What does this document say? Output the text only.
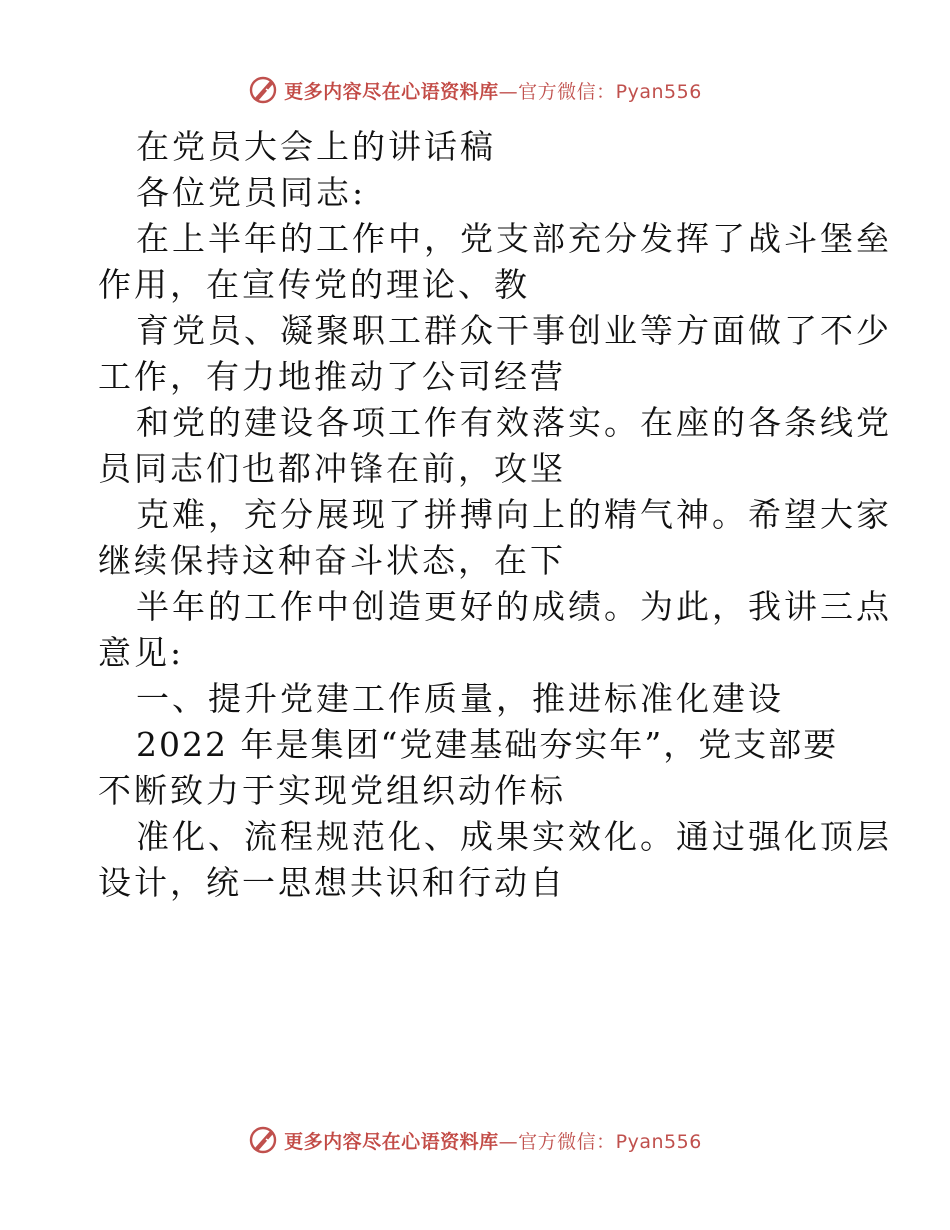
更多内容尽在心语资料库—官方微信：Pyan556
在党员大会上的讲话稿
各位党员同志:
在上半年的工作中，党支部充分发挥了战斗堡垒
作用，在宣传党的理论、教
育党员、凝聚职工群众干事创业等方面做了不少
工作，有力地推动了公司经营
和党的建设各项工作有效落实。在座的各条线党
员同志们也都冲锋在前，攻坚
克难，充分展现了拼搏向上的精气神。希望大家
继续保持这种奋斗状态，在下
半年的工作中创造更好的成绩。为此，我讲三点
意见:
一、提升党建工作质量，推进标准化建设
2022 年是集团“党建基础夯实年”，党支部要
不断致力于实现党组织动作标
准化、流程规范化、成果实效化。通过强化顶层
设计，统一思想共识和行动自
更多内容尽在心语资料库—官方微信：Pyan556
